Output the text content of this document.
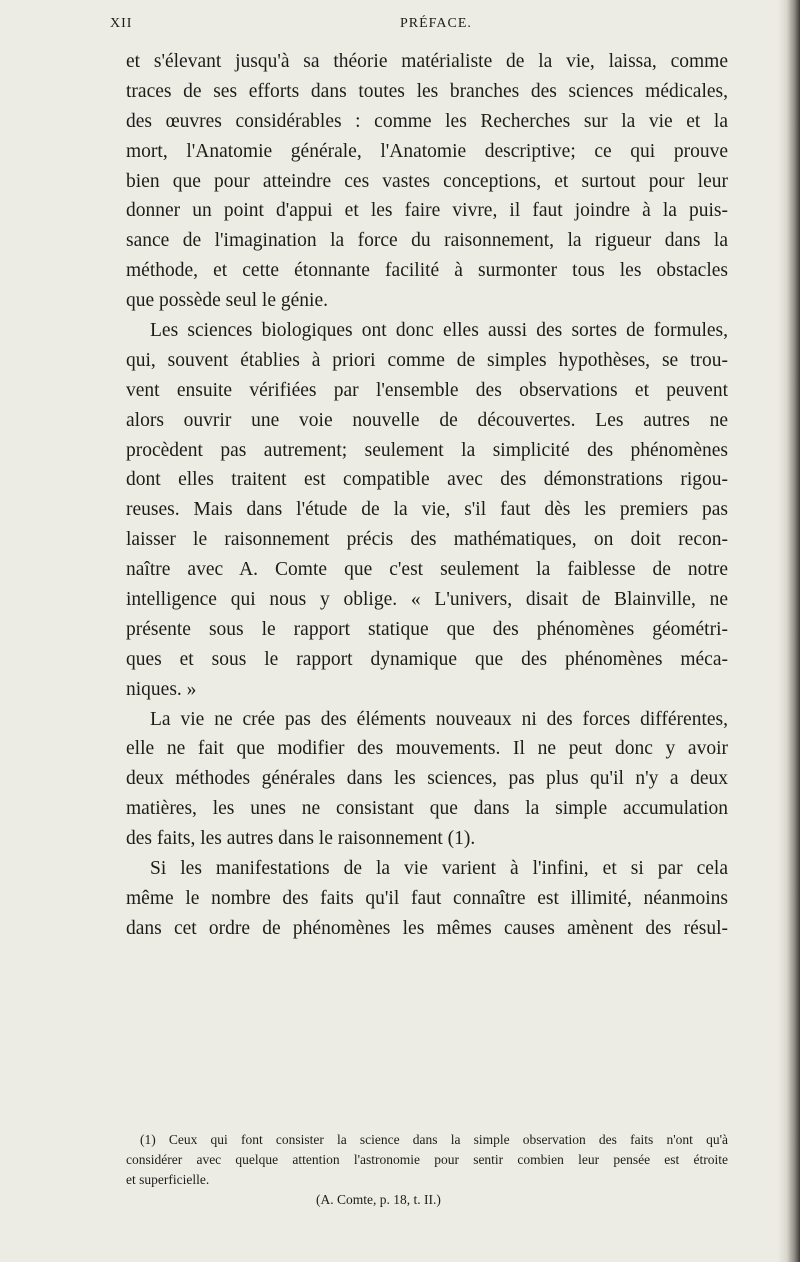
XII	PRÉFACE.
et s'élevant jusqu'à sa théorie matérialiste de la vie, laissa, comme
traces de ses efforts dans toutes les branches des sciences médicales,
des œuvres considérables : comme les Recherches sur la vie et la
mort, l'Anatomie générale, l'Anatomie descriptive; ce qui prouve
bien que pour atteindre ces vastes conceptions, et surtout pour leur
donner un point d'appui et les faire vivre, il faut joindre à la puis-
sance de l'imagination la force du raisonnement, la rigueur dans la
méthode, et cette étonnante facilité à surmonter tous les obstacles
que possède seul le génie.
Les sciences biologiques ont donc elles aussi des sortes de formules,
qui, souvent établies à priori comme de simples hypothèses, se trou-
vent ensuite vérifiées par l'ensemble des observations et peuvent
alors ouvrir une voie nouvelle de découvertes. Les autres ne
procèdent pas autrement; seulement la simplicité des phénomènes
dont elles traitent est compatible avec des démonstrations rigou-
reuses. Mais dans l'étude de la vie, s'il faut dès les premiers pas
laisser le raisonnement précis des mathématiques, on doit recon-
naître avec A. Comte que c'est seulement la faiblesse de notre
intelligence qui nous y oblige. « L'univers, disait de Blainville, ne
présente sous le rapport statique que des phénomènes géométri-
ques et sous le rapport dynamique que des phénomènes méca-
niques. »
La vie ne crée pas des éléments nouveaux ni des forces différentes,
elle ne fait que modifier des mouvements. Il ne peut donc y avoir
deux méthodes générales dans les sciences, pas plus qu'il n'y a deux
matières, les unes ne consistant que dans la simple accumulation
des faits, les autres dans le raisonnement (1).
Si les manifestations de la vie varient à l'infini, et si par cela
même le nombre des faits qu'il faut connaître est illimité, néanmoins
dans cet ordre de phénomènes les mêmes causes amènent des résul-
(1) Ceux qui font consister la science dans la simple observation des faits n'ont qu'à
considérer avec quelque attention l'astronomie pour sentir combien leur pensée est étroite
et superficielle.
(A. Comte, p. 18, t. II.)
